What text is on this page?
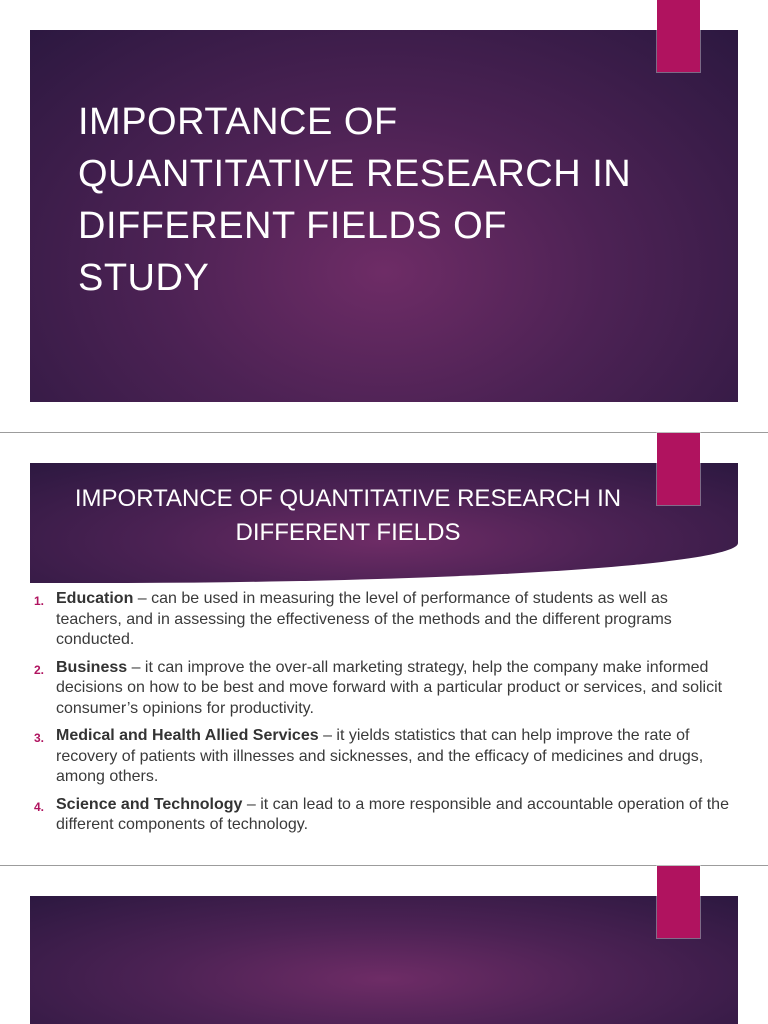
IMPORTANCE OF QUANTITATIVE RESEARCH IN DIFFERENT FIELDS OF STUDY
IMPORTANCE OF QUANTITATIVE RESEARCH IN DIFFERENT FIELDS
1. Education – can be used in measuring the level of performance of students as well as teachers, and in assessing the effectiveness of the methods and the different programs conducted.
2. Business – it can improve the over-all marketing strategy, help the company make informed decisions on how to be best and move forward with a particular product or services, and solicit consumer’s opinions for productivity.
3. Medical and Health Allied Services – it yields statistics that can help improve the rate of recovery of patients with illnesses and sicknesses, and the efficacy of medicines and drugs, among others.
4. Science and Technology – it can lead to a more responsible and accountable operation of the different components of technology.
